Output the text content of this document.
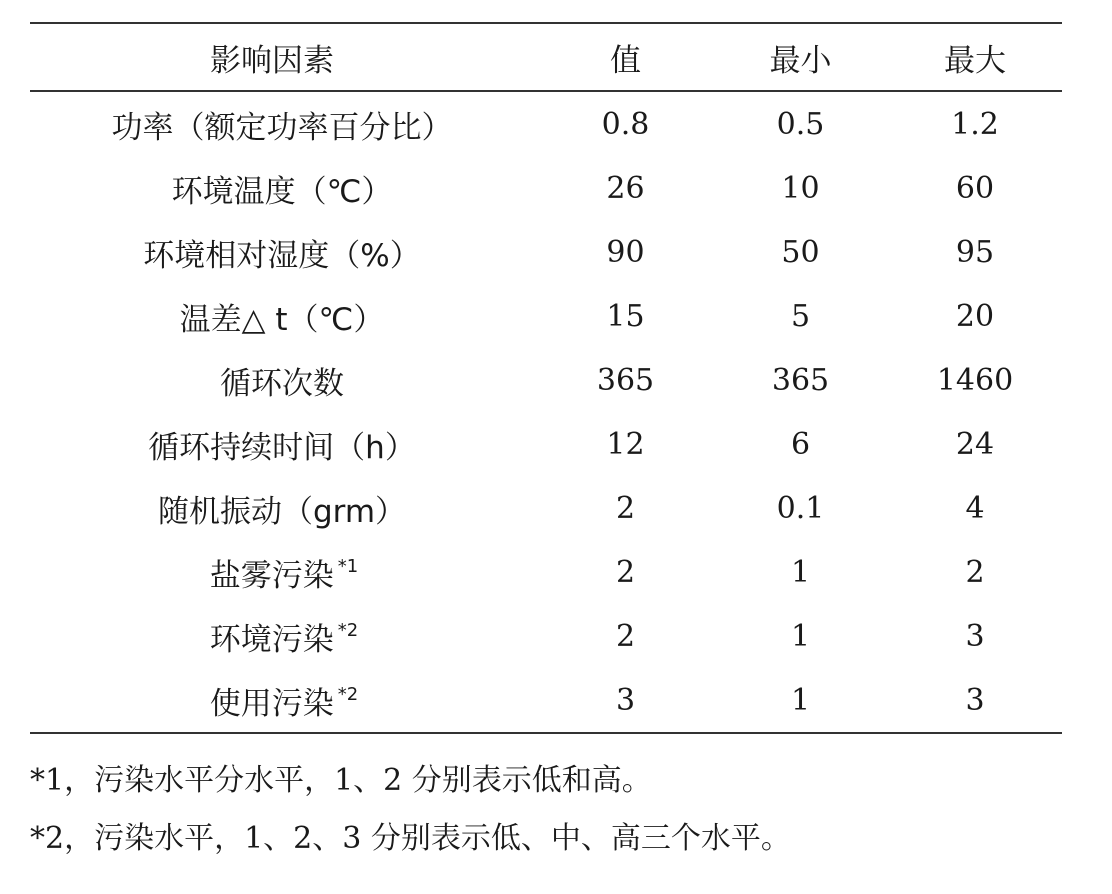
影响因素	值	最小	最大
功率（额定功率百分比）	0.8	0.5	1.2
环境温度（℃）	26	10	60
环境相对湿度（%）	90	50	95
温差△ t（℃）	15	5	20
循环次数	365	365	1460
循环持续时间（h）	12	6	24
随机振动（grm）	2	0.1	4
盐雾污染 $^{*1}$	2	1	2
环境污染 $^{*2}$	2	1	3
使用污染 $^{*2}$	3	1	3
*1，污染水平分水平，1、2 分别表示低和高。
*2，污染水平，1、2、3 分别表示低、中、高三个水平。
